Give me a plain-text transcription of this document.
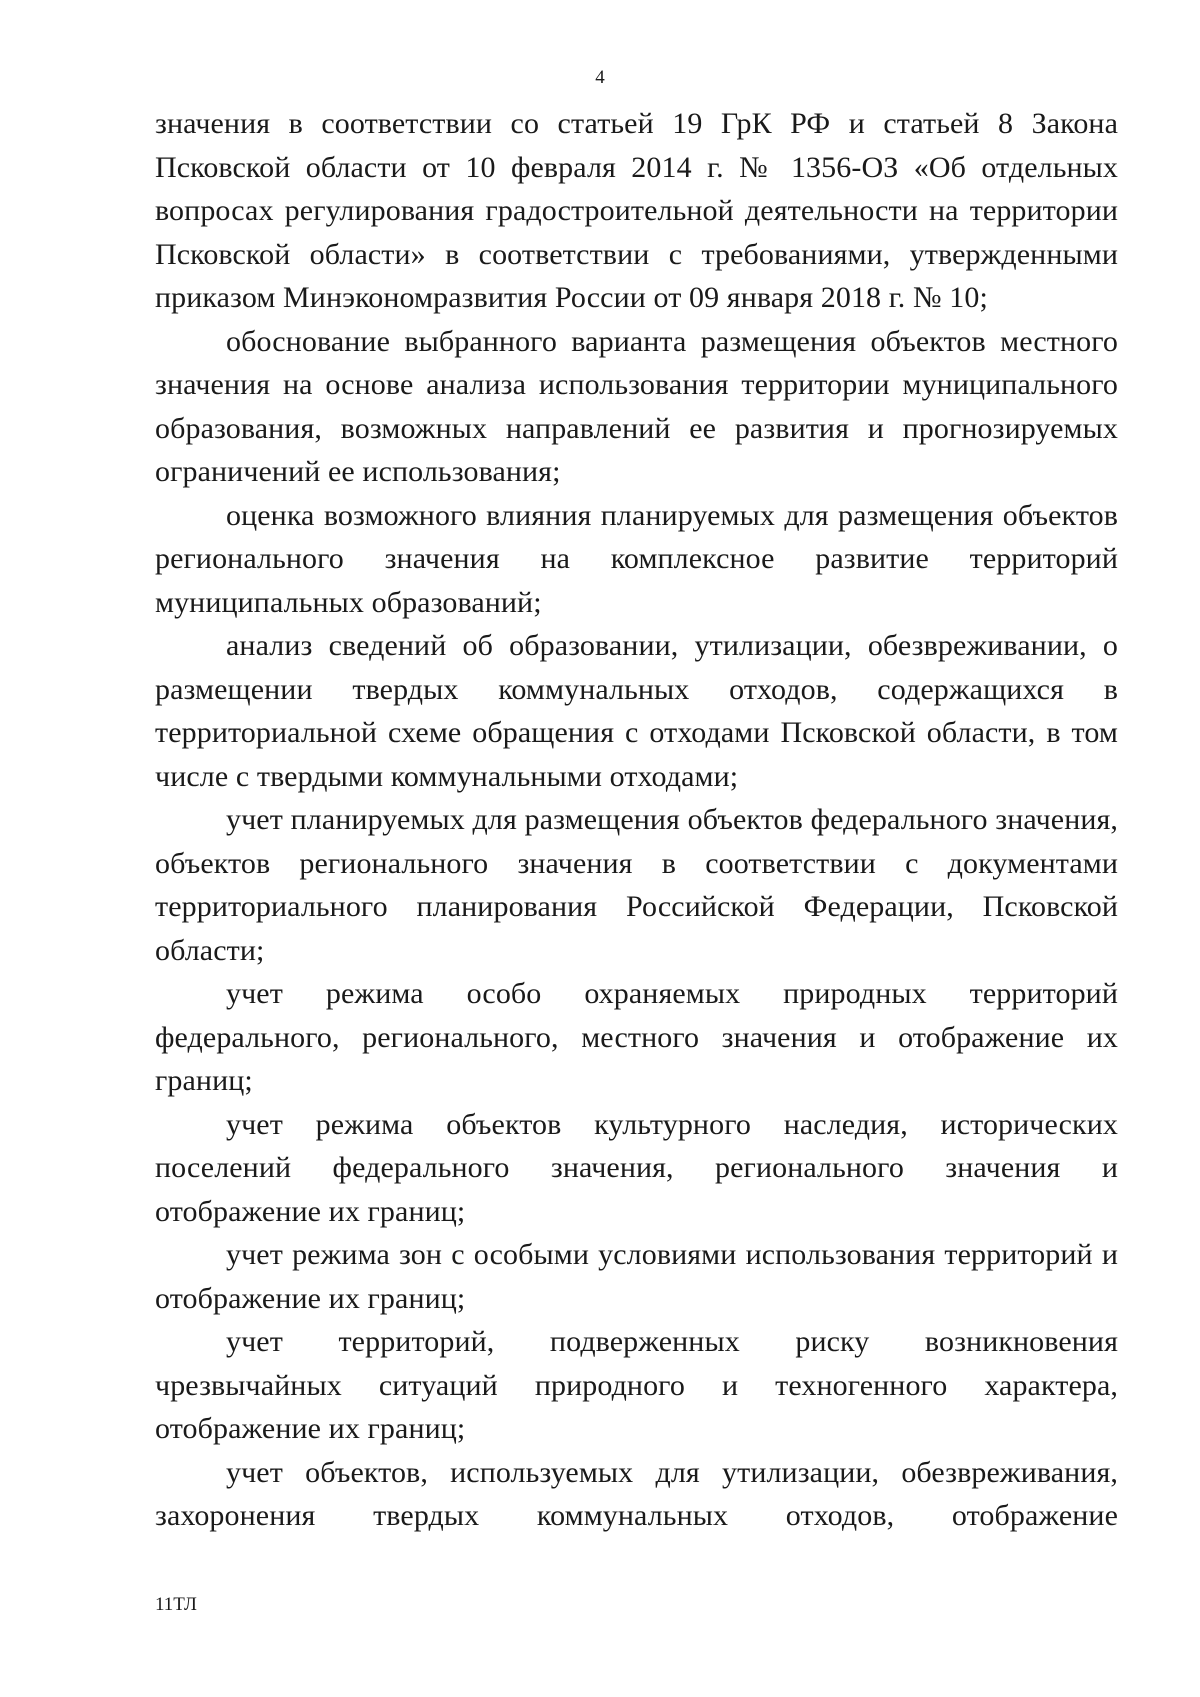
4

значения в соответствии со статьей 19 ГрК РФ и статьей 8 Закона Псковской области от 10 февраля 2014 г. № 1356-ОЗ «Об отдельных вопросах регулирования градостроительной деятельности на территории Псковской области» в соответствии с требованиями, утвержденными приказом Минэкономразвития России от 09 января 2018 г. № 10;

обоснование выбранного варианта размещения объектов местного значения на основе анализа использования территории муниципального образования, возможных направлений ее развития и прогнозируемых ограничений ее использования;

оценка возможного влияния планируемых для размещения объектов регионального значения на комплексное развитие территорий муниципальных образований;

анализ сведений об образовании, утилизации, обезвреживании, о размещении твердых коммунальных отходов, содержащихся в территориальной схеме обращения с отходами Псковской области, в том числе с твердыми коммунальными отходами;

учет планируемых для размещения объектов федерального значения, объектов регионального значения в соответствии с документами территориального планирования Российской Федерации, Псковской области;

учет режима особо охраняемых природных территорий федерального, регионального, местного значения и отображение их границ;

учет режима объектов культурного наследия, исторических поселений федерального значения, регионального значения и отображение их границ;

учет режима зон с особыми условиями использования территорий и отображение их границ;

учет территорий, подверженных риску возникновения чрезвычайных ситуаций природного и техногенного характера, отображение их границ;

учет объектов, используемых для утилизации, обезвреживания, захоронения твердых коммунальных отходов, отображение

11ТЛ
